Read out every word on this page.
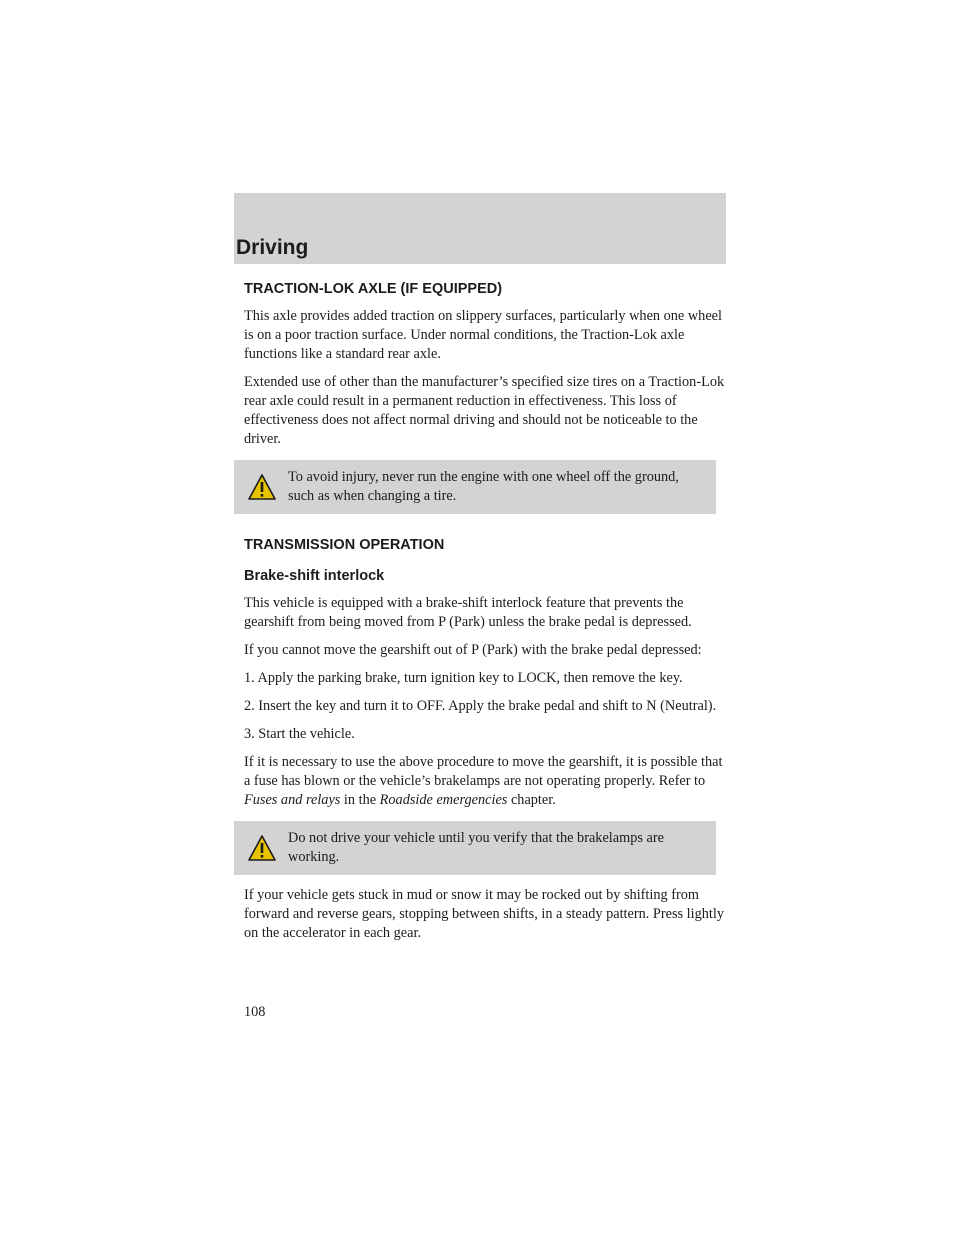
Driving
TRACTION-LOK AXLE (IF EQUIPPED)

This axle provides added traction on slippery surfaces, particularly when one wheel is on a poor traction surface. Under normal conditions, the Traction-Lok axle functions like a standard rear axle.

Extended use of other than the manufacturer’s specified size tires on a Traction-Lok rear axle could result in a permanent reduction in effectiveness. This loss of effectiveness does not affect normal driving and should not be noticeable to the driver.

To avoid injury, never run the engine with one wheel off the ground, such as when changing a tire.
TRANSMISSION OPERATION
Brake-shift interlock

This vehicle is equipped with a brake-shift interlock feature that prevents the gearshift from being moved from P (Park) unless the brake pedal is depressed.

If you cannot move the gearshift out of P (Park) with the brake pedal depressed:

1. Apply the parking brake, turn ignition key to LOCK, then remove the key.

2. Insert the key and turn it to OFF. Apply the brake pedal and shift to N (Neutral).

3. Start the vehicle.

If it is necessary to use the above procedure to move the gearshift, it is possible that a fuse has blown or the vehicle’s brakelamps are not operating properly. Refer to Fuses and relays in the Roadside emergencies chapter.

Do not drive your vehicle until you verify that the brakelamps are working.

If your vehicle gets stuck in mud or snow it may be rocked out by shifting from forward and reverse gears, stopping between shifts, in a steady pattern. Press lightly on the accelerator in each gear.

108
